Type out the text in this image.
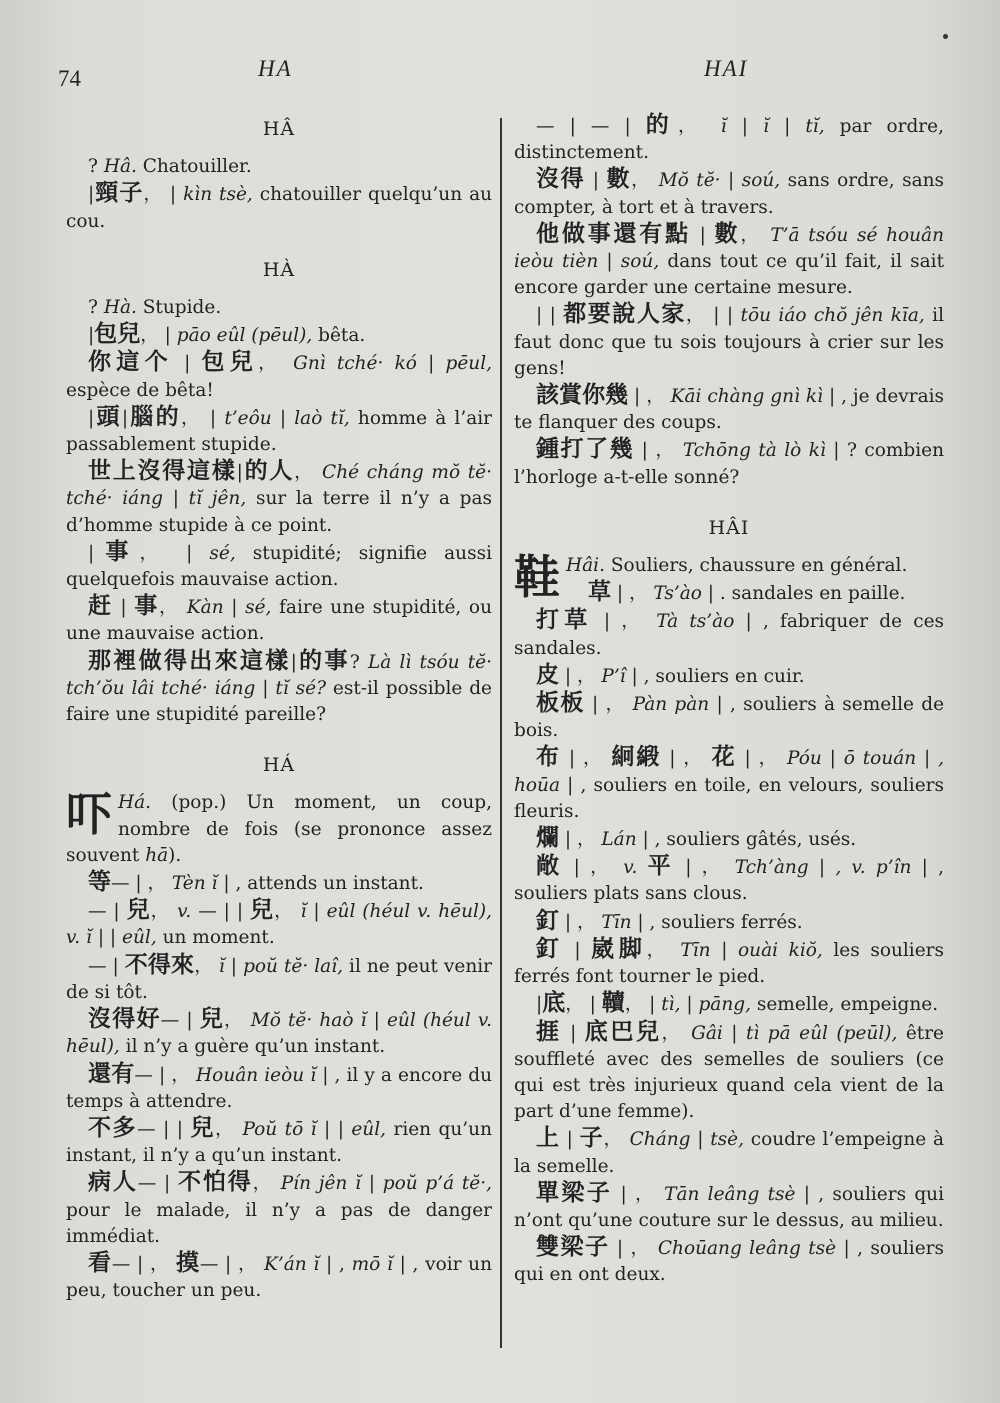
74	HA	HAI
HÂ

? Hâ. Chatouiller.

|頸子， | kìn tsè, chatouiller quelqu’un au cou.

HÀ

? Hà. Stupide.

|包兒， | pāo eûl (pēul), bêta.

你這个 | 包兒， Gnì tché· kó | pēul, espèce de bêta!

|頭|腦的， | t’eôu | laò tĭ, homme à l’air passablement stupide.

世上沒得這樣|的人， Ché cháng mŏ tĕ· tché· iáng | tĭ jên, sur la terre il n’y a pas d’homme stupide à ce point.

|事， | sé, stupidité; signifie aussi quelquefois mauvaise action.

赶 | 事， Kàn | sé, faire une stupidité, ou une mauvaise action.

那裡做得出來這樣|的事? Là lì tsóu tĕ· tch’ŏu lâi tché· iáng | tĭ sé? est-il possible de faire une stupidité pareille?

HÁ

吓 Há. (pop.) Un moment, un coup, nombre de fois (se prononce assez souvent hā).

等— | ， Tèn ĭ | , attends un instant.

— | 兒， v. — | | 兒， ĭ | eûl (héul v. hēul), v. ĭ | | eûl, un moment.

— | 不得來， ĭ | poŭ tĕ· laî, il ne peut venir de si tôt.

沒得好— | 兒， Mŏ tĕ· haò ĭ | eûl (héul v. hēul), il n’y a guère qu’un instant.

還有— | ， Houân ieòu ĭ | , il y a encore du temps à attendre.

不多— | | 兒， Poŭ tō ĭ | | eûl, rien qu’un instant, il n’y a qu’un instant.

病人— | 不怕得， Pín jên ĭ | poŭ p’á tĕ·, pour le malade, il n’y a pas de danger immédiat.

看— | ， 摸— | ， K’án ĭ | , mō ĭ | , voir un peu, toucher un peu.

— | — | 的， ĭ | ĭ | tĭ, par ordre, distinctement.

沒得 | 數， Mŏ tĕ· | soú, sans ordre, sans compter, à tort et à travers.

他做事還有點 | 數， T’ā tsóu sé houân ieòu tièn | soú, dans tout ce qu’il fait, il sait encore garder une certaine mesure.

| | 都要說人家， | | tōu iáo chŏ jên kīa, il faut donc que tu sois toujours à crier sur les gens!

該賞你幾 | ， Kāi chàng gnì kì | , je devrais te flanquer des coups.

鍾打了幾 | ， Tchōng tà lò kì | ? combien l’horloge a-t-elle sonné?

HÂI

鞋 Hâi. Souliers, chaussure en général.

草 | ， Ts’ào | . sandales en paille.

打草 | ， Tà ts’ào | , fabriquer de ces sandales.

皮 | ， P’î | , souliers en cuir.

板板 | ， Pàn pàn | , souliers à semelle de bois.

布 | ， 絅緞 | ， 花 | ， Póu | ō touán | , hoūa | , souliers en toile, en velours, souliers fleuris.

爛 | ， Lán | , souliers gâtés, usés.

敞 | ， v. 平 | ， Tch’àng | , v. p’în | , souliers plats sans clous.

釘 | ， Tīn | , souliers ferrés.

釘 | 崴脚， Tīn | ouài kiŏ, les souliers ferrés font tourner le pied.

|底， | 韇， | tì, | pāng, semelle, empeigne.

捱 | 底巴兒， Gâi | tì pā eûl (peūl), être souffleté avec des semelles de souliers (ce qui est très injurieux quand cela vient de la part d’une femme).

上 | 子， Cháng | tsè, coudre l’empeigne à la semelle.

單梁子 | ， Tān leâng tsè | , souliers qui n’ont qu’une couture sur le dessus, au milieu.

雙梁子 | ， Choūang leâng tsè | , souliers qui en ont deux.
